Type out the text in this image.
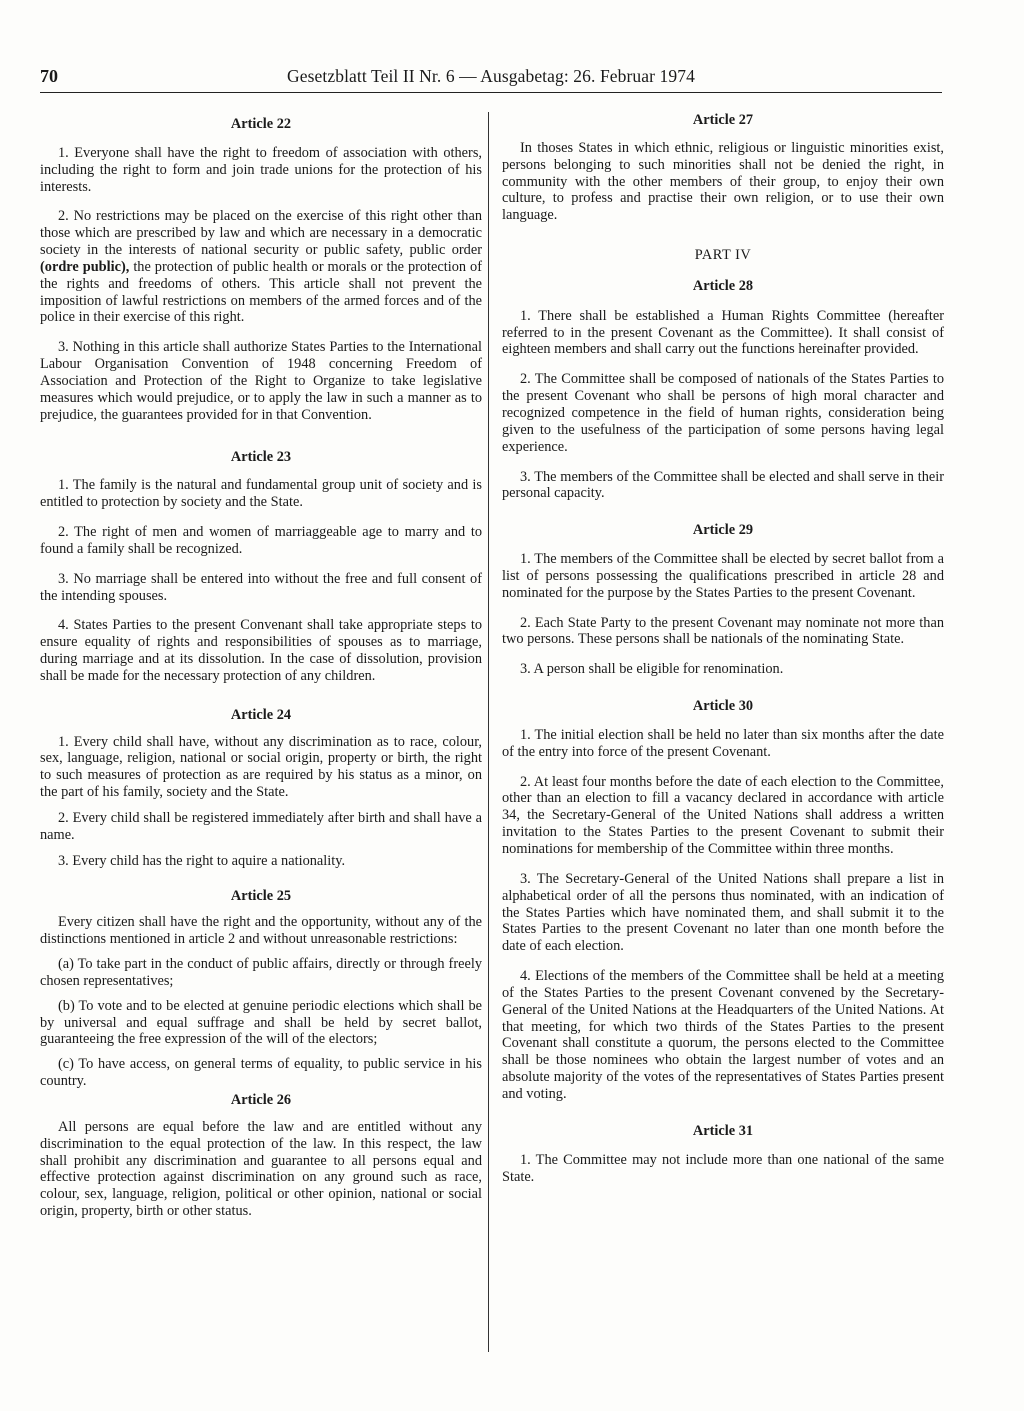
70	Gesetzblatt Teil II Nr. 6 — Ausgabetag: 26. Februar 1974

Article 22

1. Everyone shall have the right to freedom of association with others, including the right to form and join trade unions for the protection of his interests.

2. No restrictions may be placed on the exercise of this right other than those which are prescribed by law and which are necessary in a democratic society in the interests of national security or public safety, public order (ordre public), the protection of public health or morals or the protection of the rights and freedoms of others. This article shall not prevent the imposition of lawful restrictions on members of the armed forces and of the police in their exercise of this right.

3. Nothing in this article shall authorize States Parties to the International Labour Organisation Convention of 1948 concerning Freedom of Association and Protection of the Right to Organize to take legislative measures which would prejudice, or to apply the law in such a manner as to prejudice, the guarantees provided for in that Convention.

Article 23

1. The family is the natural and fundamental group unit of society and is entitled to protection by society and the State.

2. The right of men and women of marriaggeable age to marry and to found a family shall be recognized.

3. No marriage shall be entered into without the free and full consent of the intending spouses.

4. States Parties to the present Convenant shall take appropriate steps to ensure equality of rights and responsibilities of spouses as to marriage, during marriage and at its dissolution. In the case of dissolution, provision shall be made for the necessary protection of any children.

Article 24

1. Every child shall have, without any discrimination as to race, colour, sex, language, religion, national or social origin, property or birth, the right to such measures of protection as are required by his status as a minor, on the part of his family, society and the State.

2. Every child shall be registered immediately after birth and shall have a name.

3. Every child has the right to aquire a nationality.

Article 25

Every citizen shall have the right and the opportunity, without any of the distinctions mentioned in article 2 and without unreasonable restrictions:

(a) To take part in the conduct of public affairs, directly or through freely chosen representatives;

(b) To vote and to be elected at genuine periodic elections which shall be by universal and equal suffrage and shall be held by secret ballot, guaranteeing the free expression of the will of the electors;

(c) To have access, on general terms of equality, to public service in his country.

Article 26

All persons are equal before the law and are entitled without any discrimination to the equal protection of the law. In this respect, the law shall prohibit any discrimination and guarantee to all persons equal and effective protection against discrimination on any ground such as race, colour, sex, language, religion, political or other opinion, national or social origin, property, birth or other status.

Article 27

In thoses States in which ethnic, religious or linguistic minorities exist, persons belonging to such minorities shall not be denied the right, in community with the other members of their group, to enjoy their own culture, to profess and practise their own religion, or to use their own language.

PART IV

Article 28

1. There shall be established a Human Rights Committee (hereafter referred to in the present Covenant as the Committee). It shall consist of eighteen members and shall carry out the functions hereinafter provided.

2. The Committee shall be composed of nationals of the States Parties to the present Covenant who shall be persons of high moral character and recognized competence in the field of human rights, consideration being given to the usefulness of the participation of some persons having legal experience.

3. The members of the Committee shall be elected and shall serve in their personal capacity.

Article 29

1. The members of the Committee shall be elected by secret ballot from a list of persons possessing the qualifications prescribed in article 28 and nominated for the purpose by the States Parties to the present Covenant.

2. Each State Party to the present Covenant may nominate not more than two persons. These persons shall be nationals of the nominating State.

3. A person shall be eligible for renomination.

Article 30

1. The initial election shall be held no later than six months after the date of the entry into force of the present Covenant.

2. At least four months before the date of each election to the Committee, other than an election to fill a vacancy declared in accordance with article 34, the Secretary-General of the United Nations shall address a written invitation to the States Parties to the present Covenant to submit their nominations for membership of the Committee within three months.

3. The Secretary-General of the United Nations shall prepare a list in alphabetical order of all the persons thus nominated, with an indication of the States Parties which have nominated them, and shall submit it to the States Parties to the present Covenant no later than one month before the date of each election.

4. Elections of the members of the Committee shall be held at a meeting of the States Parties to the present Covenant convened by the Secretary-General of the United Nations at the Headquarters of the United Nations. At that meeting, for which two thirds of the States Parties to the present Covenant shall constitute a quorum, the persons elected to the Committee shall be those nominees who obtain the largest number of votes and an absolute majority of the votes of the representatives of States Parties present and voting.

Article 31

1. The Committee may not include more than one national of the same State.
